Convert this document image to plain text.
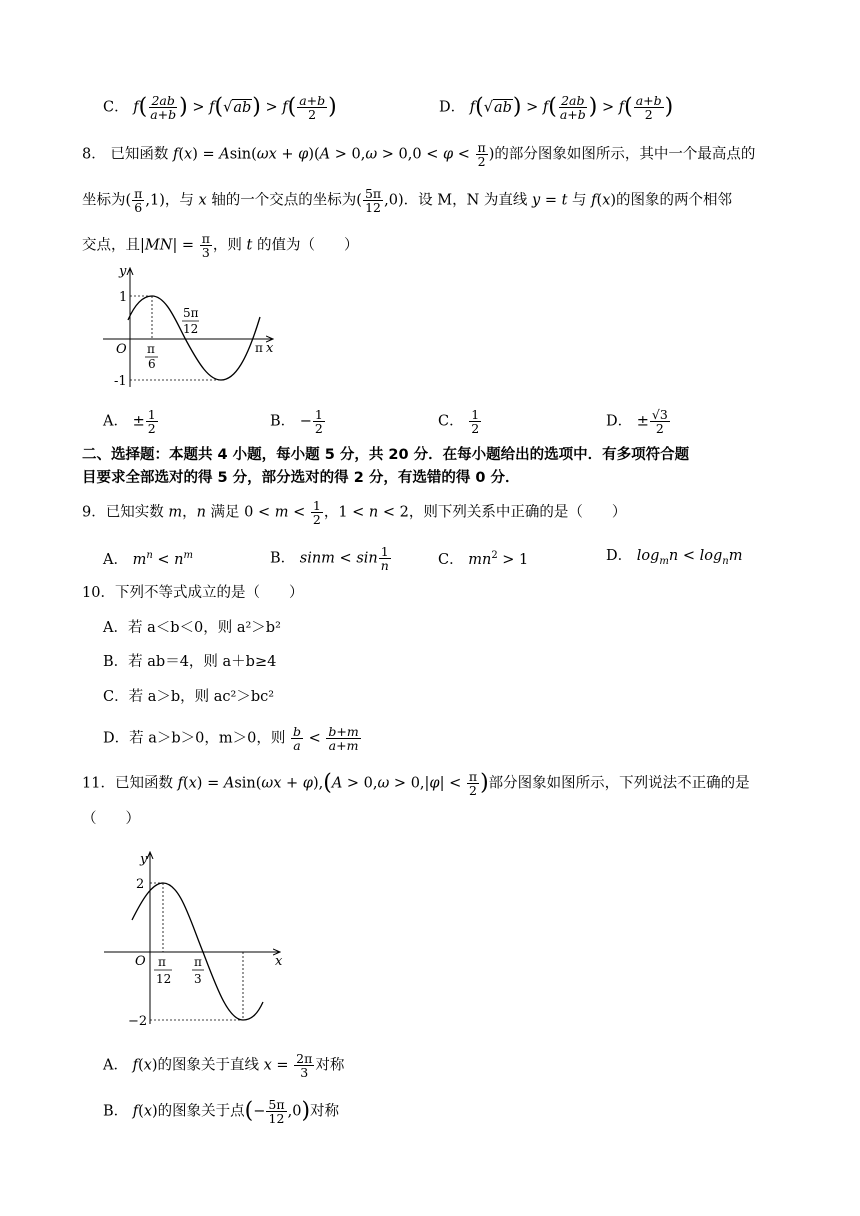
C． $f( \frac{2ab}{a+b}$ ) > $f(√ab) > f( \frac{a+b}{2}$ )	D． $f(√ab) > f( \frac{2ab}{a+b}$ ) > $f( \frac{a+b}{2}$ )
8． 已知函数 $f(x) = Asin(\omega x + \varphi)(A > 0,\omega > 0,0 < \varphi < \frac{\pi}{2}$ )的部分图象如图所示，其中一个最高点的
坐标为( $\frac{\pi}{6} ,1$)，与 x 轴的一个交点的坐标为( $\frac{5\pi}{12} ,0$)．设 M，N 为直线 y = t 与 f(x)的图象的两个相邻
交点，且$|MN| = \frac{\pi}{3}$ ，则 t 的值为（　　）
y
x
1
-1
O π
6
5π
12
π
A． ± $\frac{1}{2}$	B． − $\frac{1}{2}$	C． $\frac{1}{2}$	D． ± $\frac{√3}{2}$
二、选择题：本题共 4 小题，每小题 5 分，共 20 分．在每小题给出的选项中．有多项符合题
目要求全部选对的得 5 分，部分选对的得 2 分，有选错的得 0 分．
9．已知实数 m，n 满足 $0 < m < \frac{1}{2}$ ，1 < n < 2，则下列关系中正确的是（　　）
A． $m^n < n^m$	B． $\sin m < \sin \frac{1}{n}$	C． $mn^2 > 1$	D． $\log_mn < \log_nm$
10．下列不等式成立的是（　　）
A．若 a＜b＜0，则 a²＞b²
B．若 ab＝4，则 a＋b≥4
C．若 a＞b，则 ac²＞bc²
D．若 a＞b＞0，m＞0，则 $\frac{b}{a} < \frac{b+m}{a+m}$
11．已知函数 $f(x) = Asin(\omega x + \varphi),(A > 0,\omega > 0,|\varphi| < \frac{\pi}{2}$ )部分图象如图所示，下列说法不正确的是
（　　）
y
x
2
−2
O π
12
π
3
A． f(x)的图象关于直线 $x = \frac{2\pi}{3}$ 对称
B． f(x)的图象关于点(− $\frac{5\pi}{12} ,0$)对称
